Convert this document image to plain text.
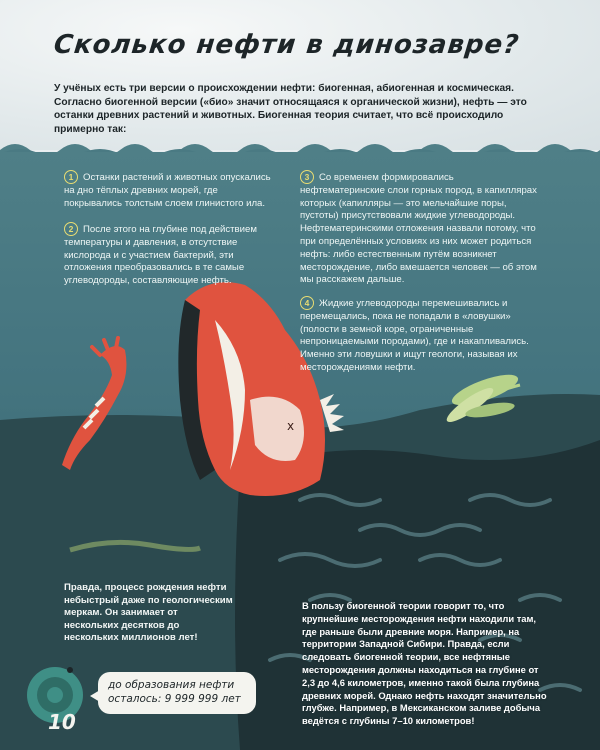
Сколько нефти в динозавре?
У учёных есть три версии о происхождении нефти: биогенная, абиогенная и космическая. Согласно биогенной версии («био» значит относящаяся к органической жизни), нефть — это останки древних растений и животных. Биогенная теория считает, что всё происходило примерно так:
x
1 Останки растений и животных опускались на дно тёплых древних морей, где покрывались толстым слоем глинистого ила.
2 После этого на глубине под действием температуры и давления, в отсутствие кислорода и с участием бактерий, эти отложения преобразовались в те самые углеводороды, составляющие нефть.
3 Со временем формировались нефтематеринские слои горных пород, в капиллярах которых (капилляры — это мельчайшие поры, пустоты) присутствовали жидкие углеводороды. Нефтематеринскими отложения назвали потому, что при определённых условиях из них может родиться нефть: либо естественным путём возникнет месторождение, либо вмешается человек — об этом мы расскажем дальше.
4 Жидкие углеводороды перемешивались и перемещались, пока не попадали в «ловушки» (полости в земной коре, ограниченные непроницаемыми породами), где и накапливались. Именно эти ловушки и ищут геологи, называя их месторождениями нефти.
Правда, процесс рождения нефти небыстрый даже по геологическим меркам. Он занимает от нескольких десятков до нескольких миллионов лет!
В пользу биогенной теории говорит то, что крупнейшие месторождения нефти находили там, где раньше были древние моря. Например, на территории Западной Сибири. Правда, если следовать биогенной теории, все нефтяные месторождения должны находиться на глубине от 2,3 до 4,6 километров, именно такой была глубина древних морей. Однако нефть находят значительно глубже. Например, в Мексиканском заливе добыча ведётся с глубины 7–10 километров!
до образования нефти
осталось: 9 999 999 лет
10
